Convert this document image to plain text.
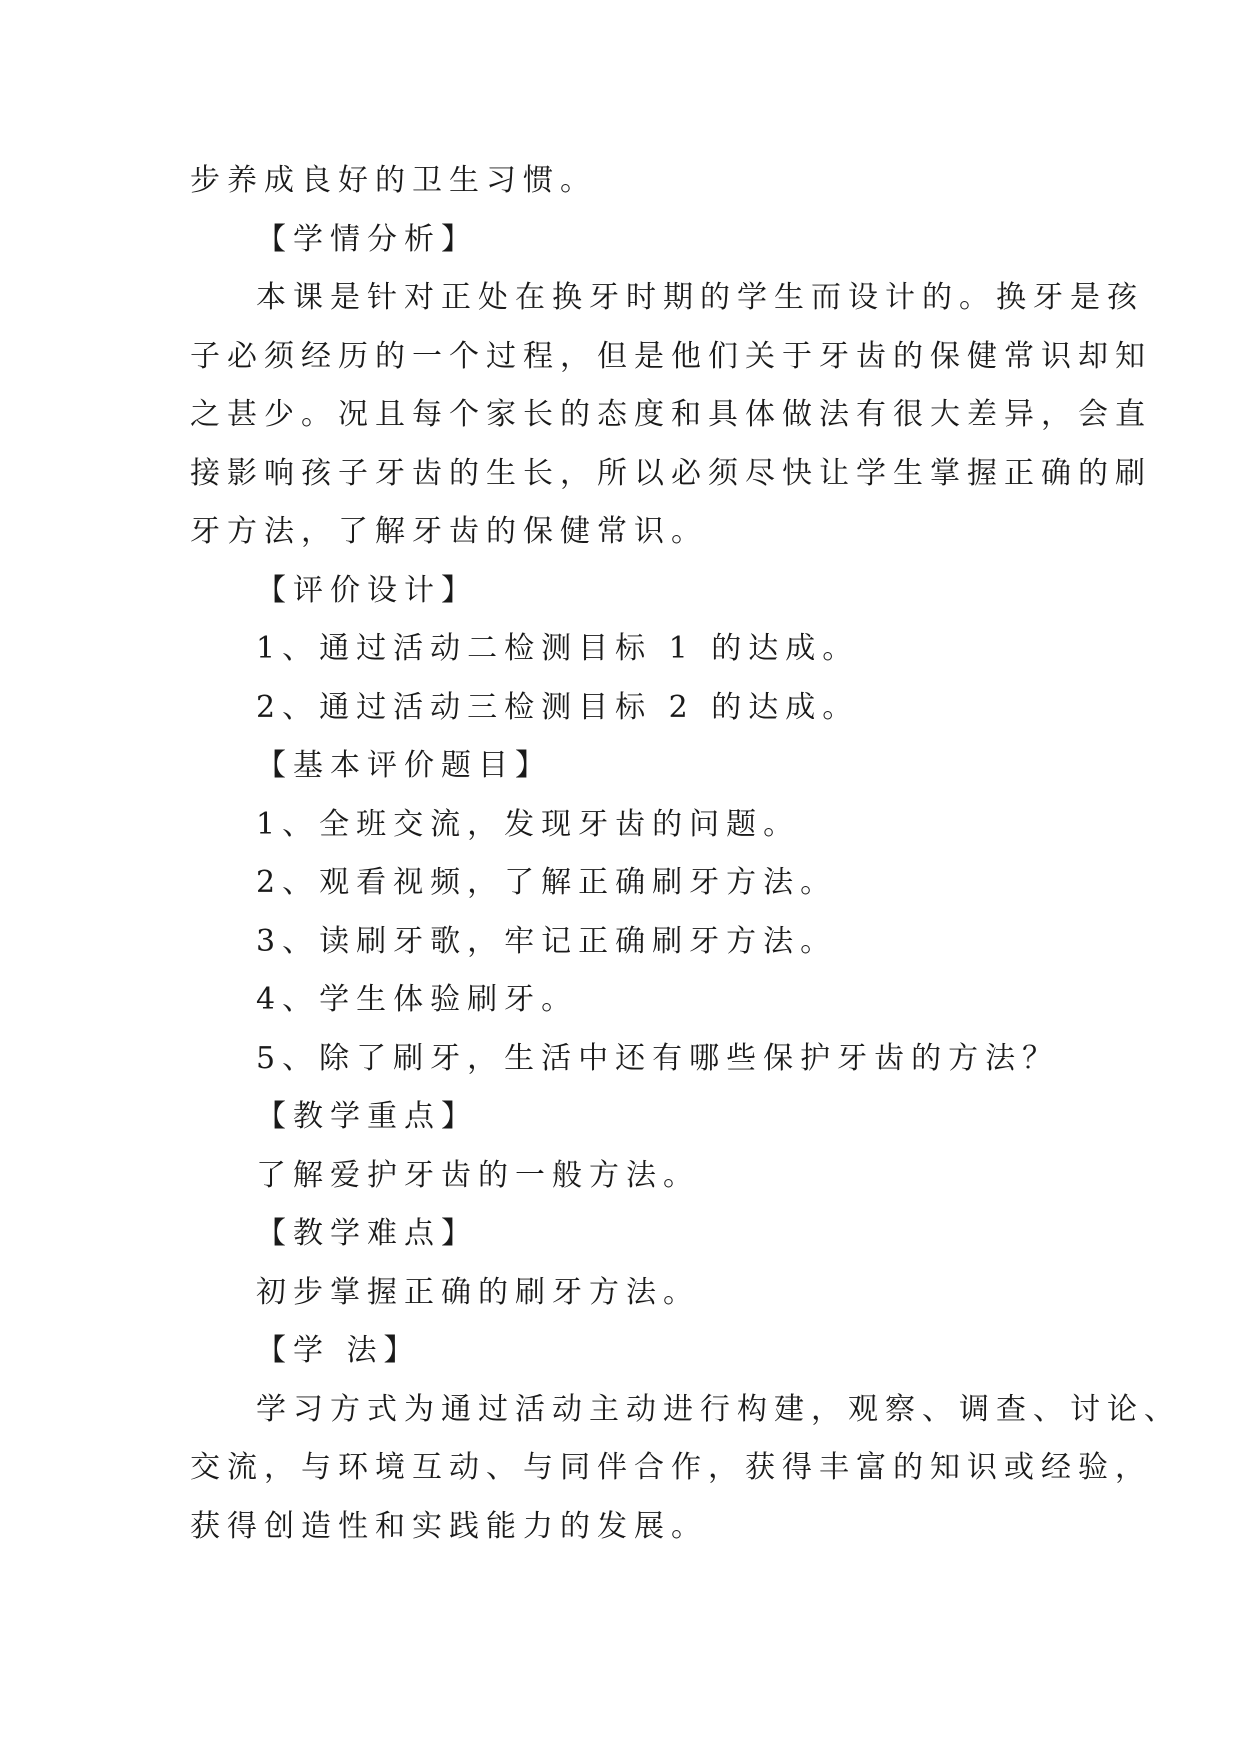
步养成良好的卫生习惯。
【学情分析】
本课是针对正处在换牙时期的学生而设计的。换牙是孩
子必须经历的一个过程，但是他们关于牙齿的保健常识却知
之甚少。况且每个家长的态度和具体做法有很大差异，会直
接影响孩子牙齿的生长，所以必须尽快让学生掌握正确的刷
牙方法，了解牙齿的保健常识。
【评价设计】
1、通过活动二检测目标 1 的达成。
2、通过活动三检测目标 2 的达成。
【基本评价题目】
1、全班交流，发现牙齿的问题。
2、观看视频，了解正确刷牙方法。
3、读刷牙歌，牢记正确刷牙方法。
4、学生体验刷牙。
5、除了刷牙，生活中还有哪些保护牙齿的方法？
【教学重点】
了解爱护牙齿的一般方法。
【教学难点】
初步掌握正确的刷牙方法。
【学 法】
学习方式为通过活动主动进行构建，观察、调查、讨论、
交流，与环境互动、与同伴合作，获得丰富的知识或经验，
获得创造性和实践能力的发展。
